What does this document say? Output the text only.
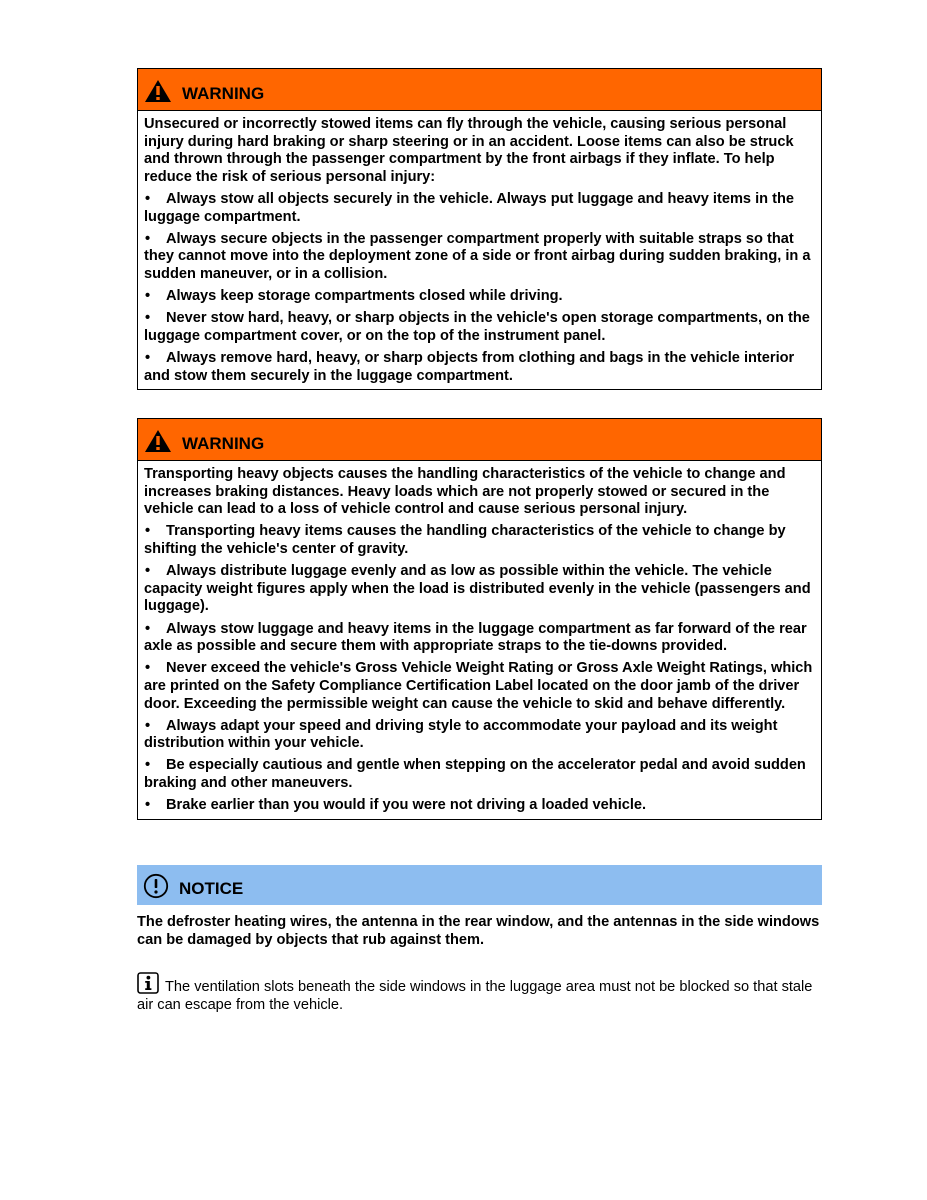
WARNING

Unsecured or incorrectly stowed items can fly through the vehicle, causing serious personal injury during hard braking or sharp steering or in an accident. Loose items can also be struck and thrown through the passenger compartment by the front airbags if they inflate. To help reduce the risk of serious personal injury:

• Always stow all objects securely in the vehicle. Always put luggage and heavy items in the luggage compartment.
• Always secure objects in the passenger compartment properly with suitable straps so that they cannot move into the deployment zone of a side or front airbag during sudden braking, in a sudden maneuver, or in a collision.
• Always keep storage compartments closed while driving.
• Never stow hard, heavy, or sharp objects in the vehicle's open storage compartments, on the luggage compartment cover, or on the top of the instrument panel.
• Always remove hard, heavy, or sharp objects from clothing and bags in the vehicle interior and stow them securely in the luggage compartment.
WARNING

Transporting heavy objects causes the handling characteristics of the vehicle to change and increases braking distances. Heavy loads which are not properly stowed or secured in the vehicle can lead to a loss of vehicle control and cause serious personal injury.

• Transporting heavy items causes the handling characteristics of the vehicle to change by shifting the vehicle's center of gravity.
• Always distribute luggage evenly and as low as possible within the vehicle. The vehicle capacity weight figures apply when the load is distributed evenly in the vehicle (passengers and luggage).
• Always stow luggage and heavy items in the luggage compartment as far forward of the rear axle as possible and secure them with appropriate straps to the tie-downs provided.
• Never exceed the vehicle's Gross Vehicle Weight Rating or Gross Axle Weight Ratings, which are printed on the Safety Compliance Certification Label located on the door jamb of the driver door. Exceeding the permissible weight can cause the vehicle to skid and behave differently.
• Always adapt your speed and driving style to accommodate your payload and its weight distribution within your vehicle.
• Be especially cautious and gentle when stepping on the accelerator pedal and avoid sudden braking and other maneuvers.
• Brake earlier than you would if you were not driving a loaded vehicle.
NOTICE
The defroster heating wires, the antenna in the rear window, and the antennas in the side windows can be damaged by objects that rub against them.
The ventilation slots beneath the side windows in the luggage area must not be blocked so that stale air can escape from the vehicle.
